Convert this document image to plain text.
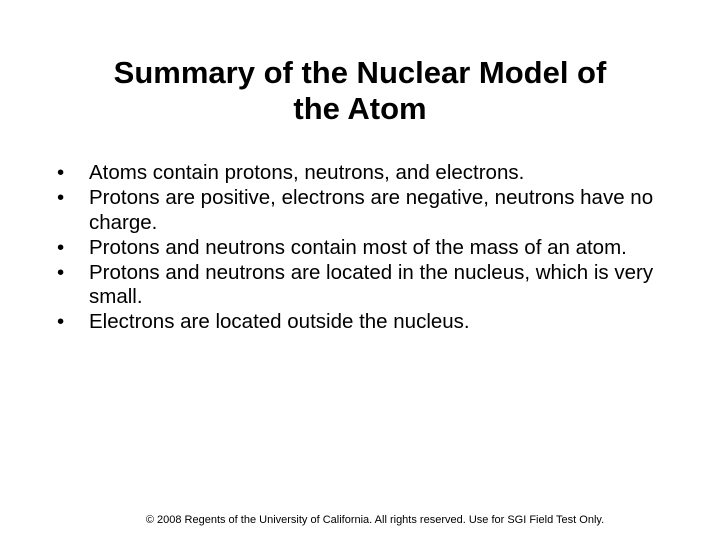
Summary of the Nuclear Model of
the Atom
•	Atoms contain protons, neutrons, and electrons.
•	Protons are positive, electrons are negative, neutrons have no charge.
•	Protons and neutrons contain most of the mass of an atom.
•	Protons and neutrons are located in the nucleus, which is very small.
•	Electrons are located outside the nucleus.
© 2008 Regents of the University of California. All rights reserved. Use for SGI Field Test Only.
